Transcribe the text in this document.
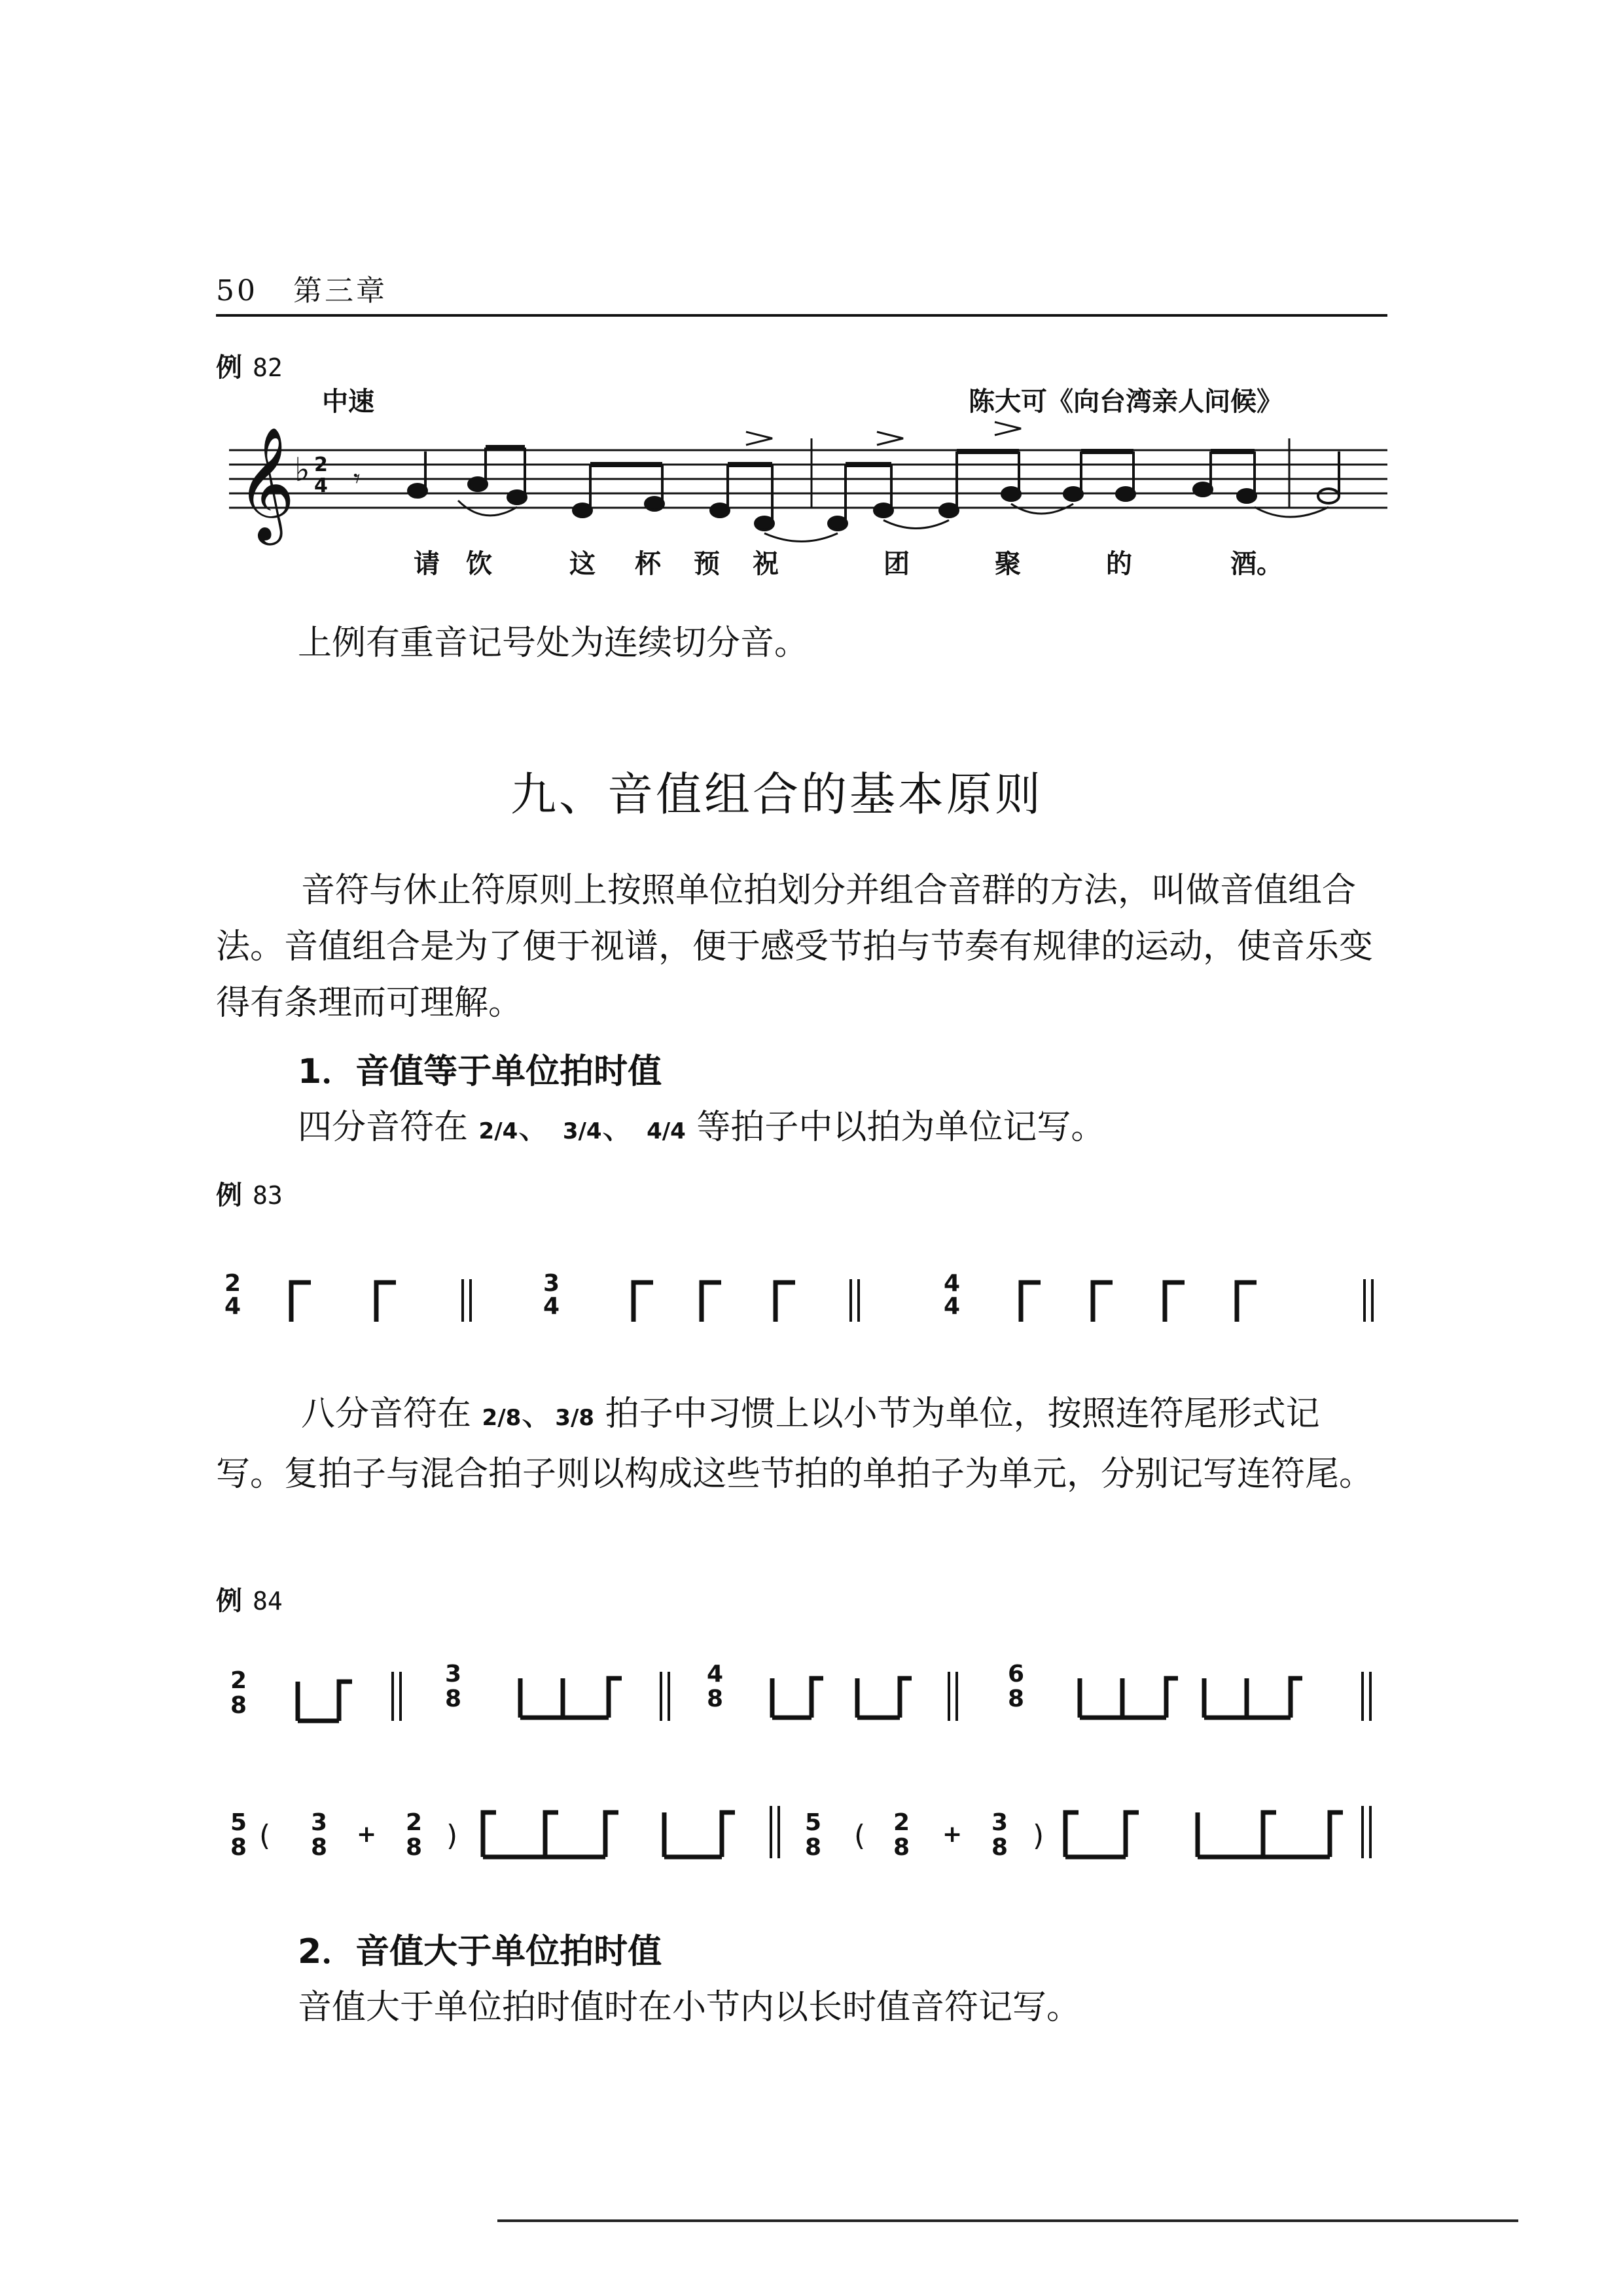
50 第三章
例 82
中速	陈大可《向台湾亲人问候》
𝄞 ♭ 2
4 𝄾
请 饮	这 杯 预 祝	团	聚	的	酒。
上例有重音记号处为连续切分音。
九、音值组合的基本原则
音符与休止符原则上按照单位拍划分并组合音群的方法，叫做音值组合法。音值组合是为了便于视谱，便于感受节拍与节奏有规律的运动，使音乐变得有条理而可理解。
1．音值等于单位拍时值
四分音符在 2/4、 3/4、 4/4 等拍子中以拍为单位记写。
例 83
2
4
3
4
4
4
八分音符在 2/8、3/8 拍子中习惯上以小节为单位，按照连符尾形式记写。复拍子与混合拍子则以构成这些节拍的单拍子为单元，分别记写连符尾。
例 84
2
8
3
8
4
8
6
8
5
8 ( 3
8 + 2
8 )	5
8 ( 2
8 + 3
8 )
2．音值大于单位拍时值
音值大于单位拍时值时在小节内以长时值音符记写。
